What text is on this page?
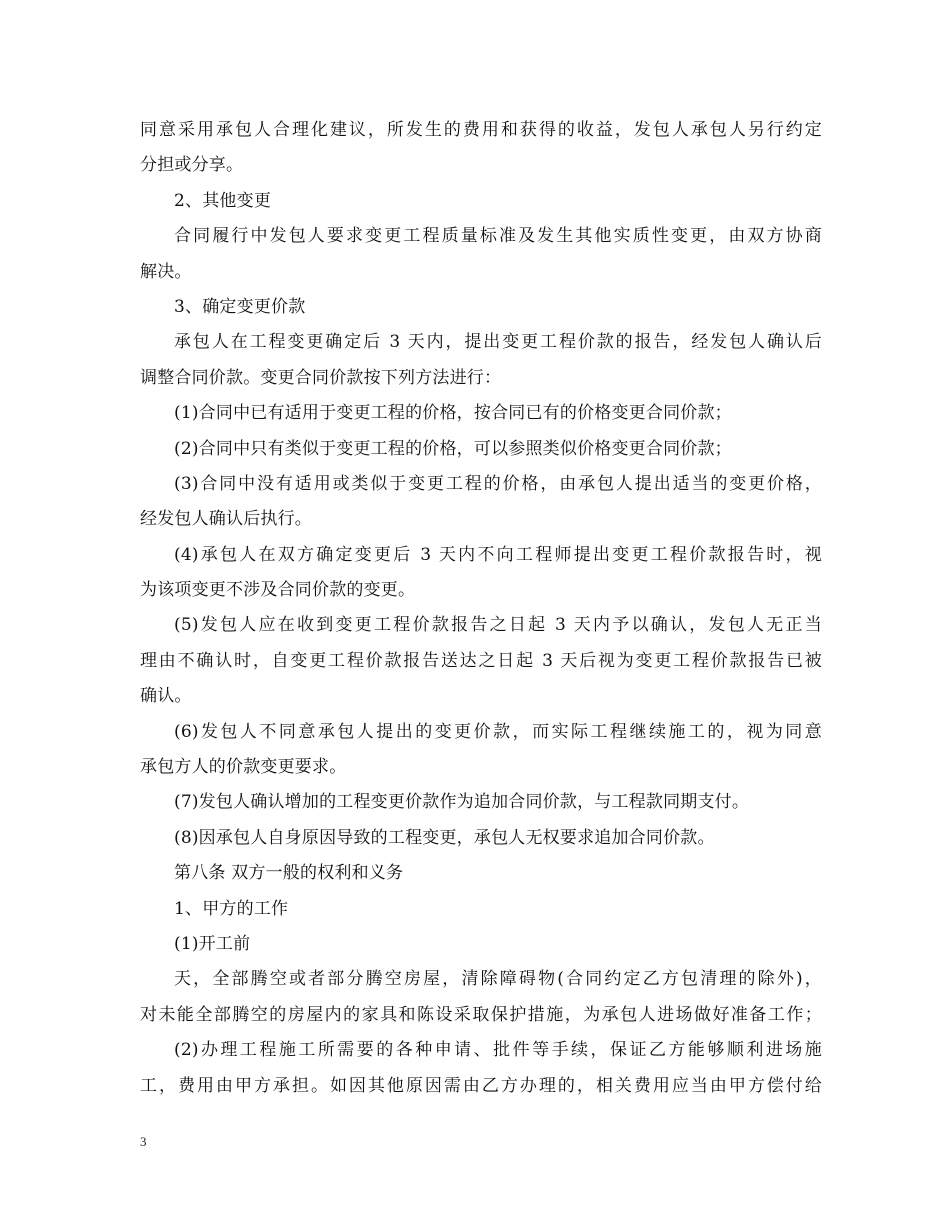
同意采用承包人合理化建议，所发生的费用和获得的收益，发包人承包人另行约定
分担或分享。
2、其他变更
合同履行中发包人要求变更工程质量标准及发生其他实质性变更，由双方协商
解决。
3、确定变更价款
承包人在工程变更确定后 3 天内，提出变更工程价款的报告，经发包人确认后
调整合同价款。变更合同价款按下列方法进行：
(1)合同中已有适用于变更工程的价格，按合同已有的价格变更合同价款；
(2)合同中只有类似于变更工程的价格，可以参照类似价格变更合同价款；
(3)合同中没有适用或类似于变更工程的价格，由承包人提出适当的变更价格，
经发包人确认后执行。
(4)承包人在双方确定变更后 3 天内不向工程师提出变更工程价款报告时，视
为该项变更不涉及合同价款的变更。
(5)发包人应在收到变更工程价款报告之日起 3 天内予以确认，发包人无正当
理由不确认时，自变更工程价款报告送达之日起 3 天后视为变更工程价款报告已被
确认。
(6)发包人不同意承包人提出的变更价款，而实际工程继续施工的，视为同意
承包方人的价款变更要求。
(7)发包人确认增加的工程变更价款作为追加合同价款，与工程款同期支付。
(8)因承包人自身原因导致的工程变更，承包人无权要求追加合同价款。
第八条 双方一般的权利和义务
1、甲方的工作
(1)开工前
天，全部腾空或者部分腾空房屋，清除障碍物(合同约定乙方包清理的除外)，
对未能全部腾空的房屋内的家具和陈设采取保护措施，为承包人进场做好准备工作；
(2)办理工程施工所需要的各种申请、批件等手续，保证乙方能够顺利进场施
工，费用由甲方承担。如因其他原因需由乙方办理的，相关费用应当由甲方偿付给
3
